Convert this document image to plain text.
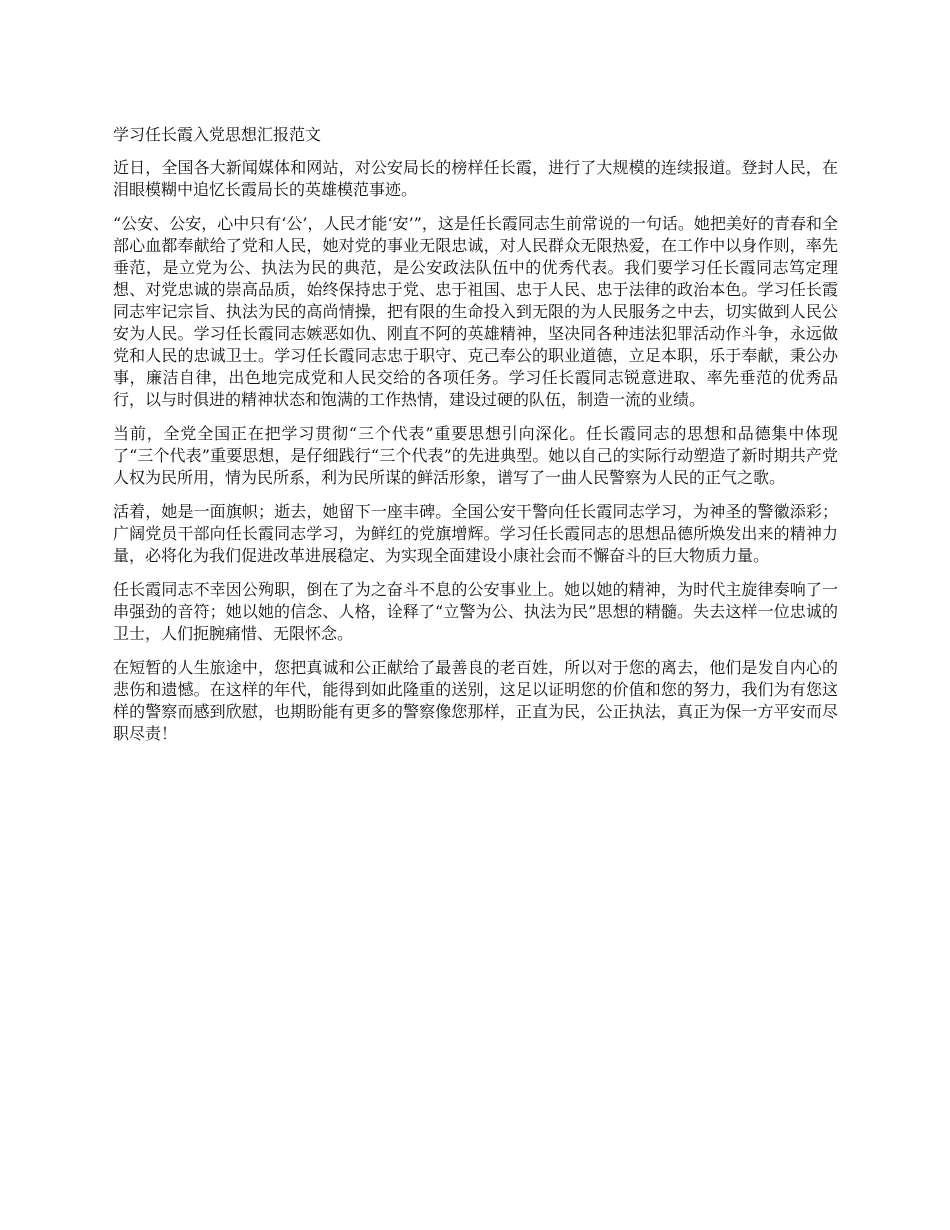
学习任长霞入党思想汇报范文

近日，全国各大新闻媒体和网站，对公安局长的榜样任长霞，进行了大规模的连续报道。登封人民，在泪眼模糊中追忆长霞局长的英雄模范事迹。

“公安、公安，心中只有‘公’，人民才能‘安’”，这是任长霞同志生前常说的一句话。她把美好的青春和全部心血都奉献给了党和人民，她对党的事业无限忠诚，对人民群众无限热爱，在工作中以身作则，率先垂范，是立党为公、执法为民的典范，是公安政法队伍中的优秀代表。我们要学习任长霞同志笃定理想、对党忠诚的崇高品质，始终保持忠于党、忠于祖国、忠于人民、忠于法律的政治本色。学习任长霞同志牢记宗旨、执法为民的高尚情操，把有限的生命投入到无限的为人民服务之中去，切实做到人民公安为人民。学习任长霞同志嫉恶如仇、刚直不阿的英雄精神，坚决同各种违法犯罪活动作斗争，永远做党和人民的忠诚卫士。学习任长霞同志忠于职守、克己奉公的职业道德，立足本职，乐于奉献，秉公办事，廉洁自律，出色地完成党和人民交给的各项任务。学习任长霞同志锐意进取、率先垂范的优秀品行，以与时俱进的精神状态和饱满的工作热情，建设过硬的队伍，制造一流的业绩。

当前，全党全国正在把学习贯彻“三个代表”重要思想引向深化。任长霞同志的思想和品德集中体现了“三个代表”重要思想，是仔细践行“三个代表”的先进典型。她以自己的实际行动塑造了新时期共产党人权为民所用，情为民所系，利为民所谋的鲜活形象，谱写了一曲人民警察为人民的正气之歌。

活着，她是一面旗帜；逝去，她留下一座丰碑。全国公安干警向任长霞同志学习，为神圣的警徽添彩；广阔党员干部向任长霞同志学习，为鲜红的党旗增辉。学习任长霞同志的思想品德所焕发出来的精神力量，必将化为我们促进改革进展稳定、为实现全面建设小康社会而不懈奋斗的巨大物质力量。

任长霞同志不幸因公殉职，倒在了为之奋斗不息的公安事业上。她以她的精神，为时代主旋律奏响了一串强劲的音符；她以她的信念、人格，诠释了“立警为公、执法为民”思想的精髓。失去这样一位忠诚的卫士，人们扼腕痛惜、无限怀念。

在短暂的人生旅途中，您把真诚和公正献给了最善良的老百姓，所以对于您的离去，他们是发自内心的悲伤和遗憾。在这样的年代，能得到如此隆重的送别，这足以证明您的价值和您的努力，我们为有您这样的警察而感到欣慰，也期盼能有更多的警察像您那样，正直为民，公正执法，真正为保一方平安而尽职尽责！
